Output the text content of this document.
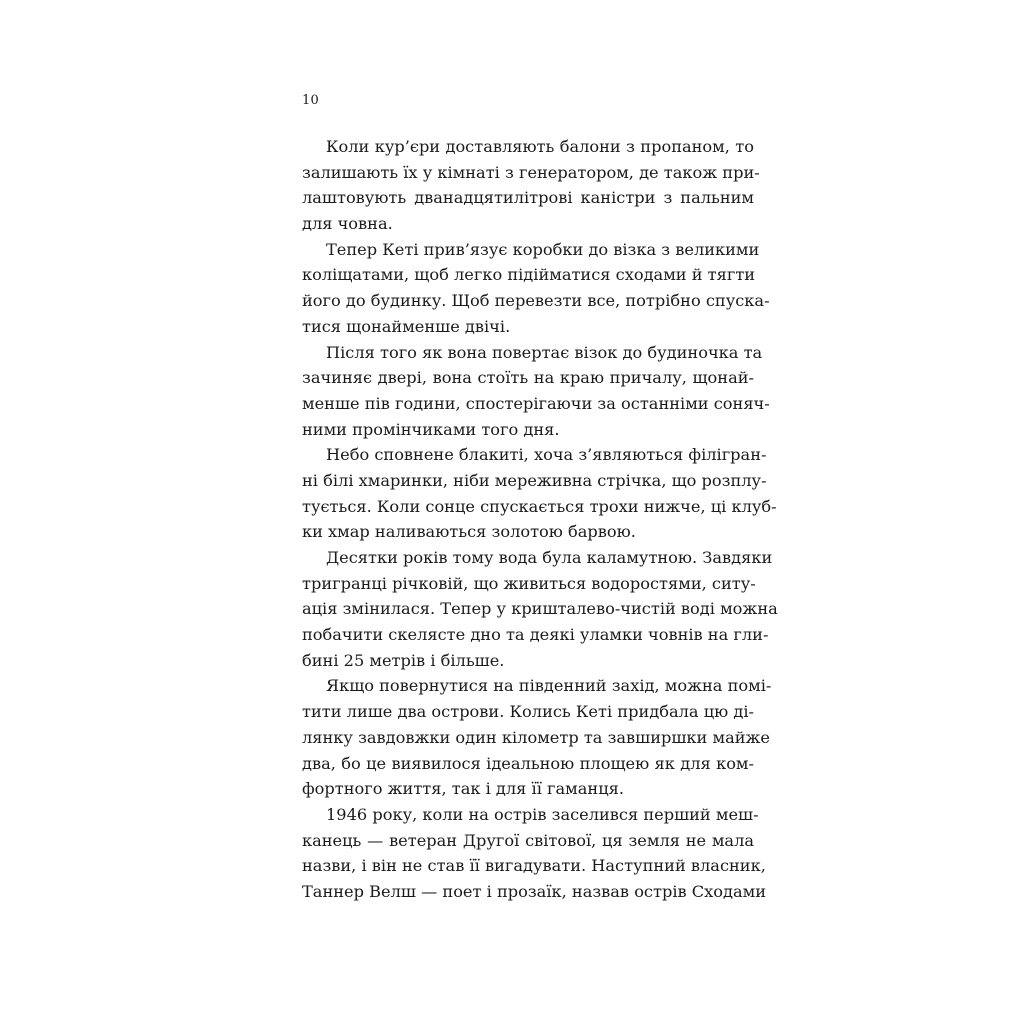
10
Коли кур’єри доставляють балони з пропаном, то
залишають їх у кімнаті з генератором, де також при-
лаштовують дванадцятилітрові каністри з пальним
для човна.
Тепер Кеті прив’язує коробки до візка з великими
коліщатами, щоб легко підійматися сходами й тягти
його до будинку. Щоб перевезти все, потрібно спуска-
тися щонайменше двічі.
Після того як вона повертає візок до будиночка та
зачиняє двері, вона стоїть на краю причалу, щонай-
менше пів години, спостерігаючи за останніми соняч-
ними промінчиками того дня.
Небо сповнене блакиті, хоча з’являються філігран-
ні білі хмаринки, ніби мереживна стрічка, що розплу-
тується. Коли сонце спускається трохи нижче, ці клуб-
ки хмар наливаються золотою барвою.
Десятки років тому вода була каламутною. Завдяки
тригранці річковій, що живиться водоростями, ситу-
ація змінилася. Тепер у кришталево-чистій воді можна
побачити скелясте дно та деякі уламки човнів на гли-
бині 25 метрів і більше.
Якщо повернутися на південний захід, можна помі-
тити лише два острови. Колись Кеті придбала цю ді-
лянку завдовжки один кілометр та завширшки майже
два, бо це виявилося ідеальною площею як для ком-
фортного життя, так і для її гаманця.
1946 року, коли на острів заселився перший меш-
канець — ветеран Другої світової, ця земля не мала
назви, і він не став її вигадувати. Наступний власник,
Таннер Велш — поет і прозаїк, назвав острів Сходами
